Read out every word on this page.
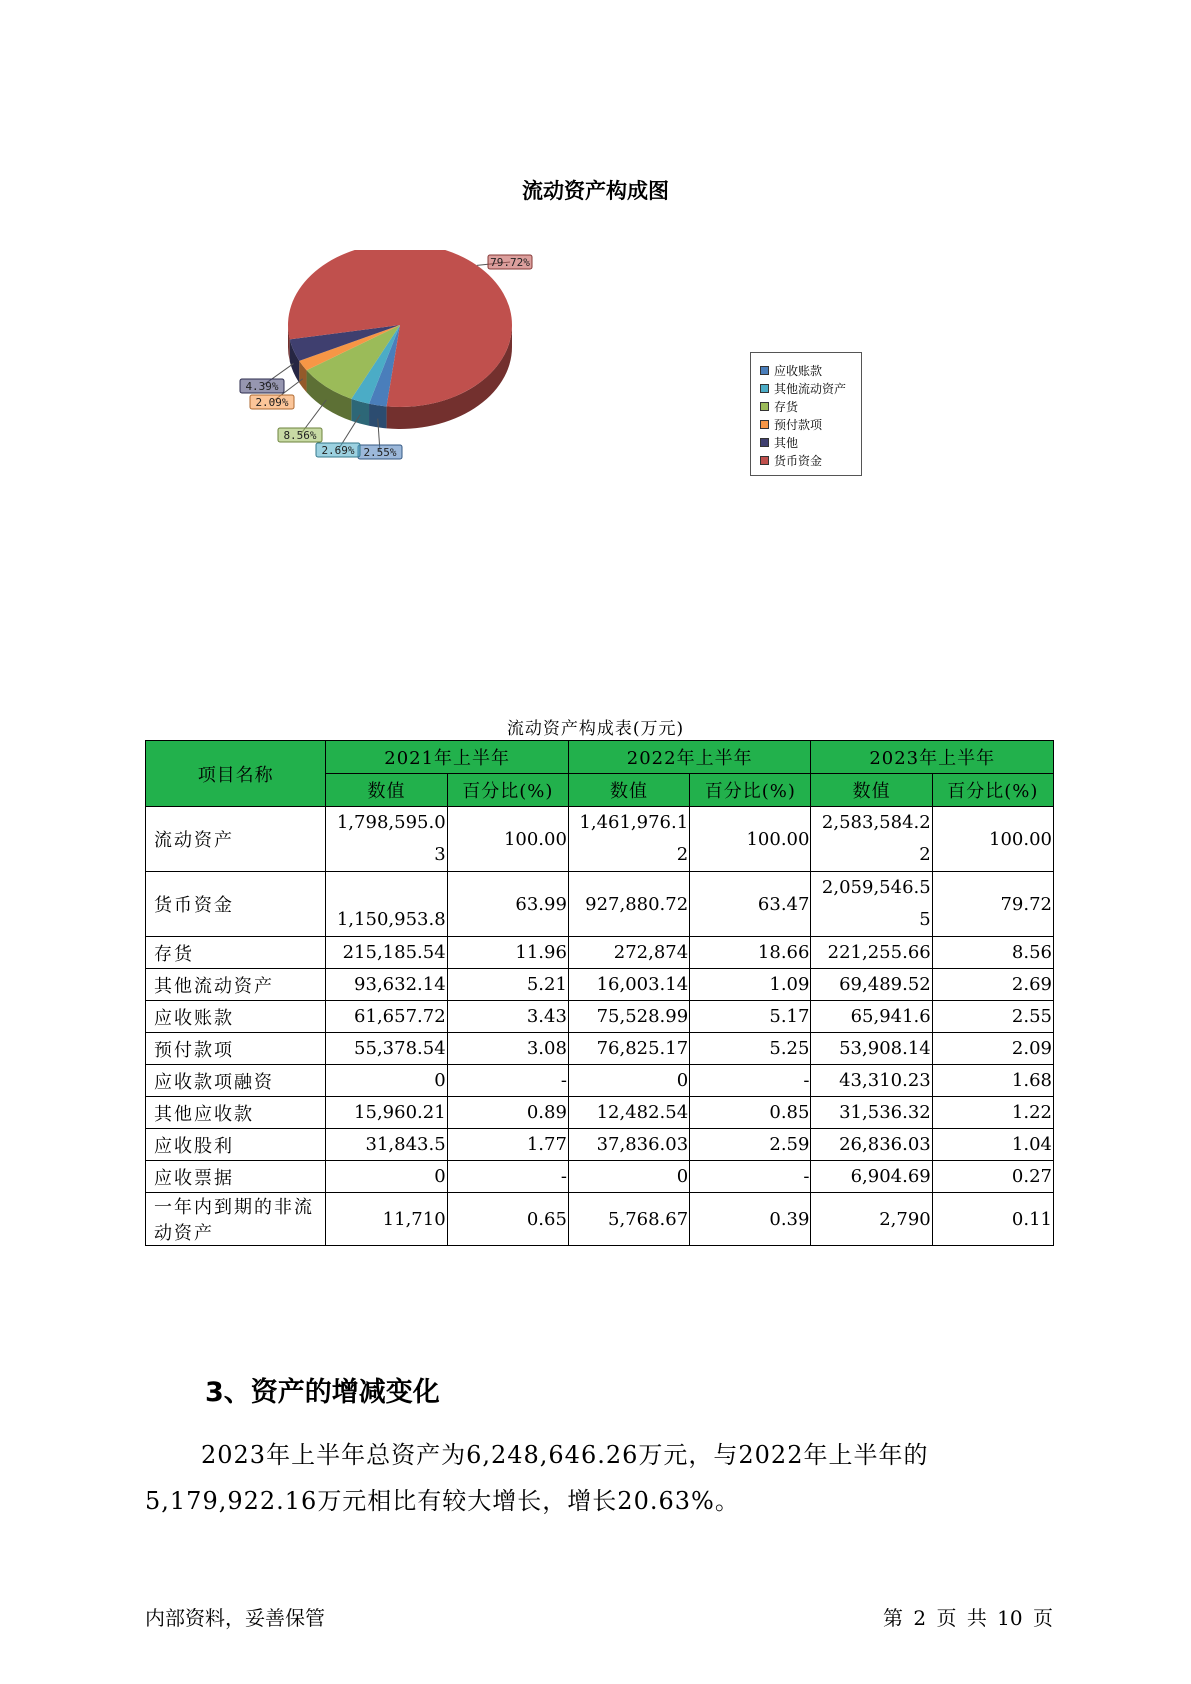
流动资产构成图
2.55%
2.69%
8.56%
2.09%
4.39%
79.72%
应收账款
其他流动资产
存货
预付款项
其他
货币资金
流动资产构成表(万元)
项目名称	2021年上半年		2022年上半年		2023年上半年	
	数值	百分比(%)	数值	百分比(%)	数值	百分比(%)
流动资产	1,798,595.03	100.00	1,461,976.12	100.00	2,583,584.22	100.00
货币资金	1,150,953.8	63.99	927,880.72	63.47	2,059,546.55	79.72
存货	215,185.54	11.96	272,874	18.66	221,255.66	8.56
其他流动资产	93,632.14	5.21	16,003.14	1.09	69,489.52	2.69
应收账款	61,657.72	3.43	75,528.99	5.17	65,941.6	2.55
预付款项	55,378.54	3.08	76,825.17	5.25	53,908.14	2.09
应收款项融资	0	-	0	-	43,310.23	1.68
其他应收款	15,960.21	0.89	12,482.54	0.85	31,536.32	1.22
应收股利	31,843.5	1.77	37,836.03	2.59	26,836.03	1.04
应收票据	0	-	0	-	6,904.69	0.27
一年内到期的非流动资产	11,710	0.65	5,768.67	0.39	2,790	0.11
3、资产的增减变化
2023年上半年总资产为6,248,646.26万元，与2022年上半年的5,179,922.16万元相比有较大增长，增长20.63%。
内部资料，妥善保管	第 2 页 共 10 页
